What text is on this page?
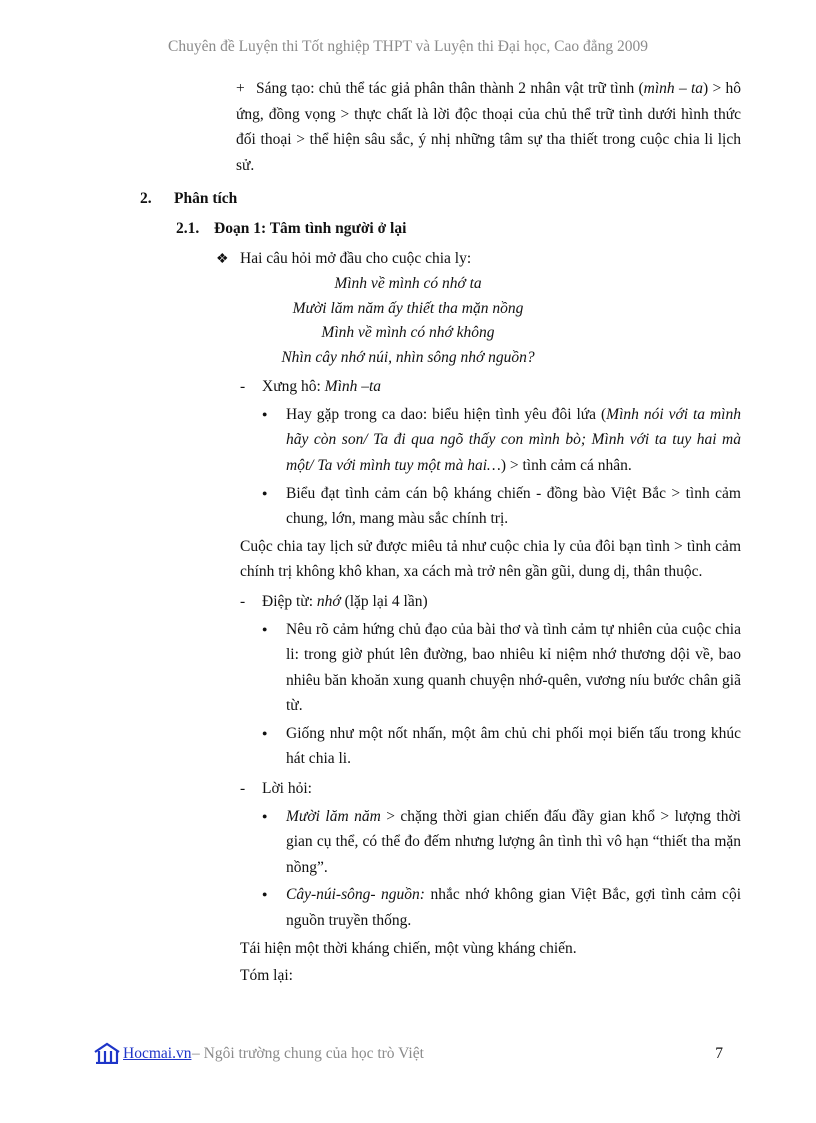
Chuyên đề Luyện thi Tốt nghiệp THPT và Luyện thi Đại học, Cao đẳng 2009
+ Sáng tạo: chủ thể tác giả phân thân thành 2 nhân vật trữ tình (mình – ta) > hô ứng, đồng vọng > thực chất là lời độc thoại của chủ thể trữ tình dưới hình thức đối thoại > thể hiện sâu sắc, ý nhị những tâm sự tha thiết trong cuộc chia li lịch sử.
2. Phân tích
2.1. Đoạn 1: Tâm tình người ở lại
❖ Hai câu hỏi mở đầu cho cuộc chia ly:
Mình về mình có nhớ ta
Mười lăm năm ấy thiết tha mặn nồng
Mình về mình có nhớ không
Nhìn cây nhớ núi, nhìn sông nhớ nguồn?
- Xưng hô: Mình –ta
●
Hay gặp trong ca dao: biểu hiện tình yêu đôi lứa (Mình nói với ta mình hãy còn son/ Ta đi qua ngõ thấy con mình bò; Mình với ta tuy hai mà một/ Ta với mình tuy một mà hai…) > tình cảm cá nhân.
●
Biểu đạt tình cảm cán bộ kháng chiến - đồng bào Việt Bắc > tình cảm chung, lớn, mang màu sắc chính trị.
Cuộc chia tay lịch sử được miêu tả như cuộc chia ly của đôi bạn tình > tình cảm chính trị không khô khan, xa cách mà trở nên gần gũi, dung dị, thân thuộc.
- Điệp từ: nhớ (lặp lại 4 lần)
●
Nêu rõ cảm hứng chủ đạo của bài thơ và tình cảm tự nhiên của cuộc chia li: trong giờ phút lên đường, bao nhiêu kỉ niệm nhớ thương dội về, bao nhiêu băn khoăn xung quanh chuyện nhớ-quên, vương níu bước chân giã từ.
●
Giống như một nốt nhấn, một âm chủ chi phối mọi biến tấu trong khúc hát chia li.
- Lời hỏi:
●
Mười lăm năm > chặng thời gian chiến đấu đầy gian khổ > lượng thời gian cụ thể, có thể đo đếm nhưng lượng ân tình thì vô hạn “thiết tha mặn nồng”.
●
Cây-núi-sông- nguồn: nhắc nhớ không gian Việt Bắc, gợi tình cảm cội nguồn truyền thống.
Tái hiện một thời kháng chiến, một vùng kháng chiến.
Tóm lại:
Hocmai.vn – Ngôi trường chung của học trò Việt	7
